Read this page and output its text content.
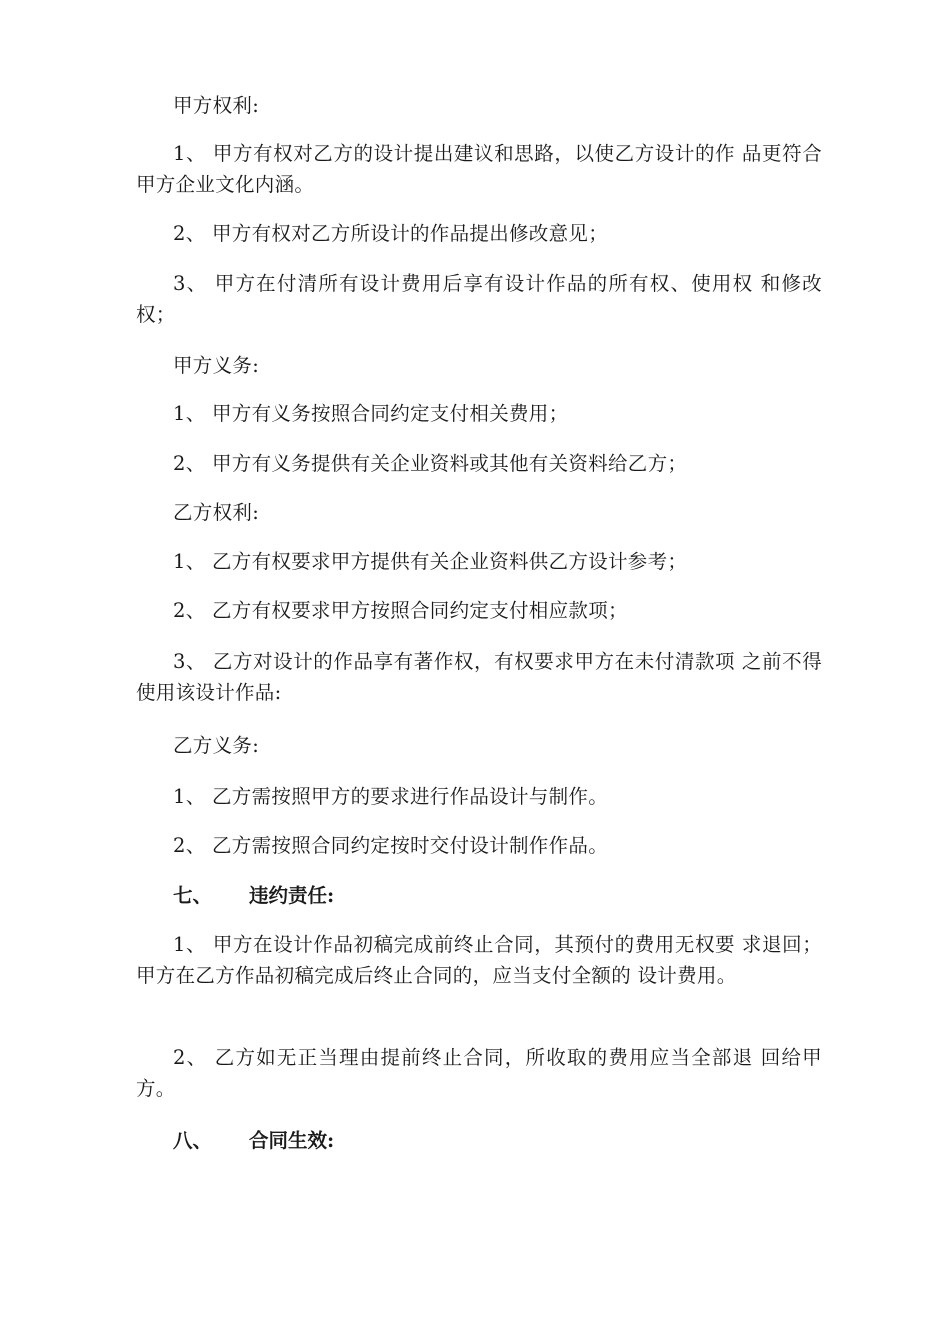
甲方权利:

1、 甲方有权对乙方的设计提出建议和思路，以使乙方设计的作 品更符合甲方企业文化内涵。

2、 甲方有权对乙方所设计的作品提出修改意见；

3、 甲方在付清所有设计费用后享有设计作品的所有权、使用权 和修改权；

甲方义务:

1、 甲方有义务按照合同约定支付相关费用；

2、 甲方有义务提供有关企业资料或其他有关资料给乙方；

乙方权利:

1、 乙方有权要求甲方提供有关企业资料供乙方设计参考；

2、 乙方有权要求甲方按照合同约定支付相应款项；

3、 乙方对设计的作品享有著作权，有权要求甲方在未付清款项 之前不得使用该设计作品:

乙方义务:

1、 乙方需按照甲方的要求进行作品设计与制作。

2、 乙方需按照合同约定按时交付设计制作作品。

七、 违约责任:

1、 甲方在设计作品初稿完成前终止合同，其预付的费用无权要 求退回；甲方在乙方作品初稿完成后终止合同的，应当支付全额的 设计费用。

2、 乙方如无正当理由提前终止合同，所收取的费用应当全部退 回给甲方。

八、 合同生效:
